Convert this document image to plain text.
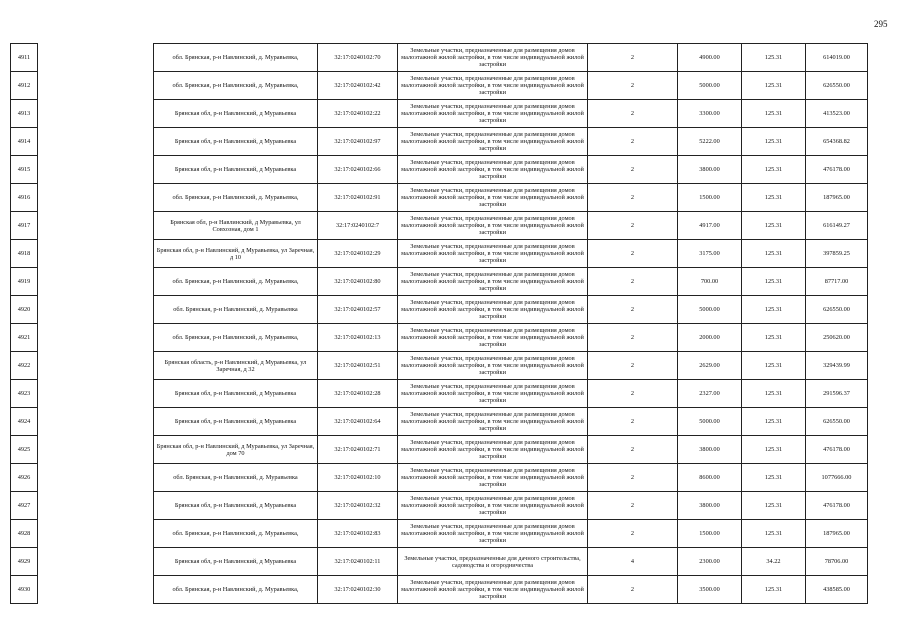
295
4911		обл. Брянская, р-н Навлинский, д. Муравьевка,	32:17:0240102:70	Земельные участки, предназначенные для размещения домов малоэтажной жилой застройки, в том числе индивидуальной жилой застройки	2	4900.00	125.31	614019.00
4912		обл. Брянская, р-н Навлинский, д. Муравьевка,	32:17:0240102:42	Земельные участки, предназначенные для размещения домов малоэтажной жилой застройки, в том числе индивидуальной жилой застройки	2	5000.00	125.31	626550.00
4913		Брянская обл, р-н Навлинский, д Муравьевка	32:17:0240102:22	Земельные участки, предназначенные для размещения домов малоэтажной жилой застройки, в том числе индивидуальной жилой застройки	2	3300.00	125.31	413523.00
4914		Брянская обл, р-н Навлинский, д Муравьевка	32:17:0240102:97	Земельные участки, предназначенные для размещения домов малоэтажной жилой застройки, в том числе индивидуальной жилой застройки	2	5222.00	125.31	654368.82
4915		Брянская обл, р-н Навлинский, д Муравьевка	32:17:0240102:66	Земельные участки, предназначенные для размещения домов малоэтажной жилой застройки, в том числе индивидуальной жилой застройки	2	3800.00	125.31	476178.00
4916		обл. Брянская, р-н Навлинский, д. Муравьевка,	32:17:0240102:91	Земельные участки, предназначенные для размещения домов малоэтажной жилой застройки, в том числе индивидуальной жилой застройки	2	1500.00	125.31	187965.00
4917		Брянская обл, р-н Навлинский, д Муравьевка, ул Совхозная, дом 1	32:17:0240102:7	Земельные участки, предназначенные для размещения домов малоэтажной жилой застройки, в том числе индивидуальной жилой застройки	2	4917.00	125.31	616149.27
4918		Брянская обл, р-н Навлинский, д Муравьевка, ул Заречная, д 10	32:17:0240102:29	Земельные участки, предназначенные для размещения домов малоэтажной жилой застройки, в том числе индивидуальной жилой застройки	2	3175.00	125.31	397859.25
4919		обл. Брянская, р-н Навлинский, д. Муравьевка,	32:17:0240102:80	Земельные участки, предназначенные для размещения домов малоэтажной жилой застройки, в том числе индивидуальной жилой застройки	2	700.00	125.31	87717.00
4920		обл. Брянская, р-н Навлинский, д. Муравьевка	32:17:0240102:57	Земельные участки, предназначенные для размещения домов малоэтажной жилой застройки, в том числе индивидуальной жилой застройки	2	5000.00	125.31	626550.00
4921		обл. Брянская, р-н Навлинский, д. Муравьевка,	32:17:0240102:13	Земельные участки, предназначенные для размещения домов малоэтажной жилой застройки, в том числе индивидуальной жилой застройки	2	2000.00	125.31	250620.00
4922		Брянская область, р-н Навлинский, д Муравьевка, ул Заречная, д 32	32:17:0240102:51	Земельные участки, предназначенные для размещения домов малоэтажной жилой застройки, в том числе индивидуальной жилой застройки	2	2629.00	125.31	329439.99
4923		Брянская обл, р-н Навлинский, д Муравьевка	32:17:0240102:28	Земельные участки, предназначенные для размещения домов малоэтажной жилой застройки, в том числе индивидуальной жилой застройки	2	2327.00	125.31	291596.37
4924		Брянская обл, р-н Навлинский, д Муравьевка	32:17:0240102:64	Земельные участки, предназначенные для размещения домов малоэтажной жилой застройки, в том числе индивидуальной жилой застройки	2	5000.00	125.31	626550.00
4925		Брянская обл, р-н Навлинский, д Муравьевка, ул Заречная, дом 70	32:17:0240102:71	Земельные участки, предназначенные для размещения домов малоэтажной жилой застройки, в том числе индивидуальной жилой застройки	2	3800.00	125.31	476178.00
4926		обл. Брянская, р-н Навлинский, д. Муравьевка	32:17:0240102:10	Земельные участки, предназначенные для размещения домов малоэтажной жилой застройки, в том числе индивидуальной жилой застройки	2	8600.00	125.31	1077666.00
4927		Брянская обл, р-н Навлинский, д Муравьевка	32:17:0240102:32	Земельные участки, предназначенные для размещения домов малоэтажной жилой застройки, в том числе индивидуальной жилой застройки	2	3800.00	125.31	476178.00
4928		обл. Брянская, р-н Навлинский, д. Муравьевка,	32:17:0240102:83	Земельные участки, предназначенные для размещения домов малоэтажной жилой застройки, в том числе индивидуальной жилой застройки	2	1500.00	125.31	187965.00
4929		Брянская обл, р-н Навлинский, д Муравьевка	32:17:0240102:11	Земельные участки, предназначенные для дачного строительства, садоводства и огородничества	4	2300.00	34.22	78706.00
4930		обл. Брянская, р-н Навлинский, д. Муравьевка,	32:17:0240102:30	Земельные участки, предназначенные для размещения домов малоэтажной жилой застройки, в том числе индивидуальной жилой застройки	2	3500.00	125.31	438585.00
